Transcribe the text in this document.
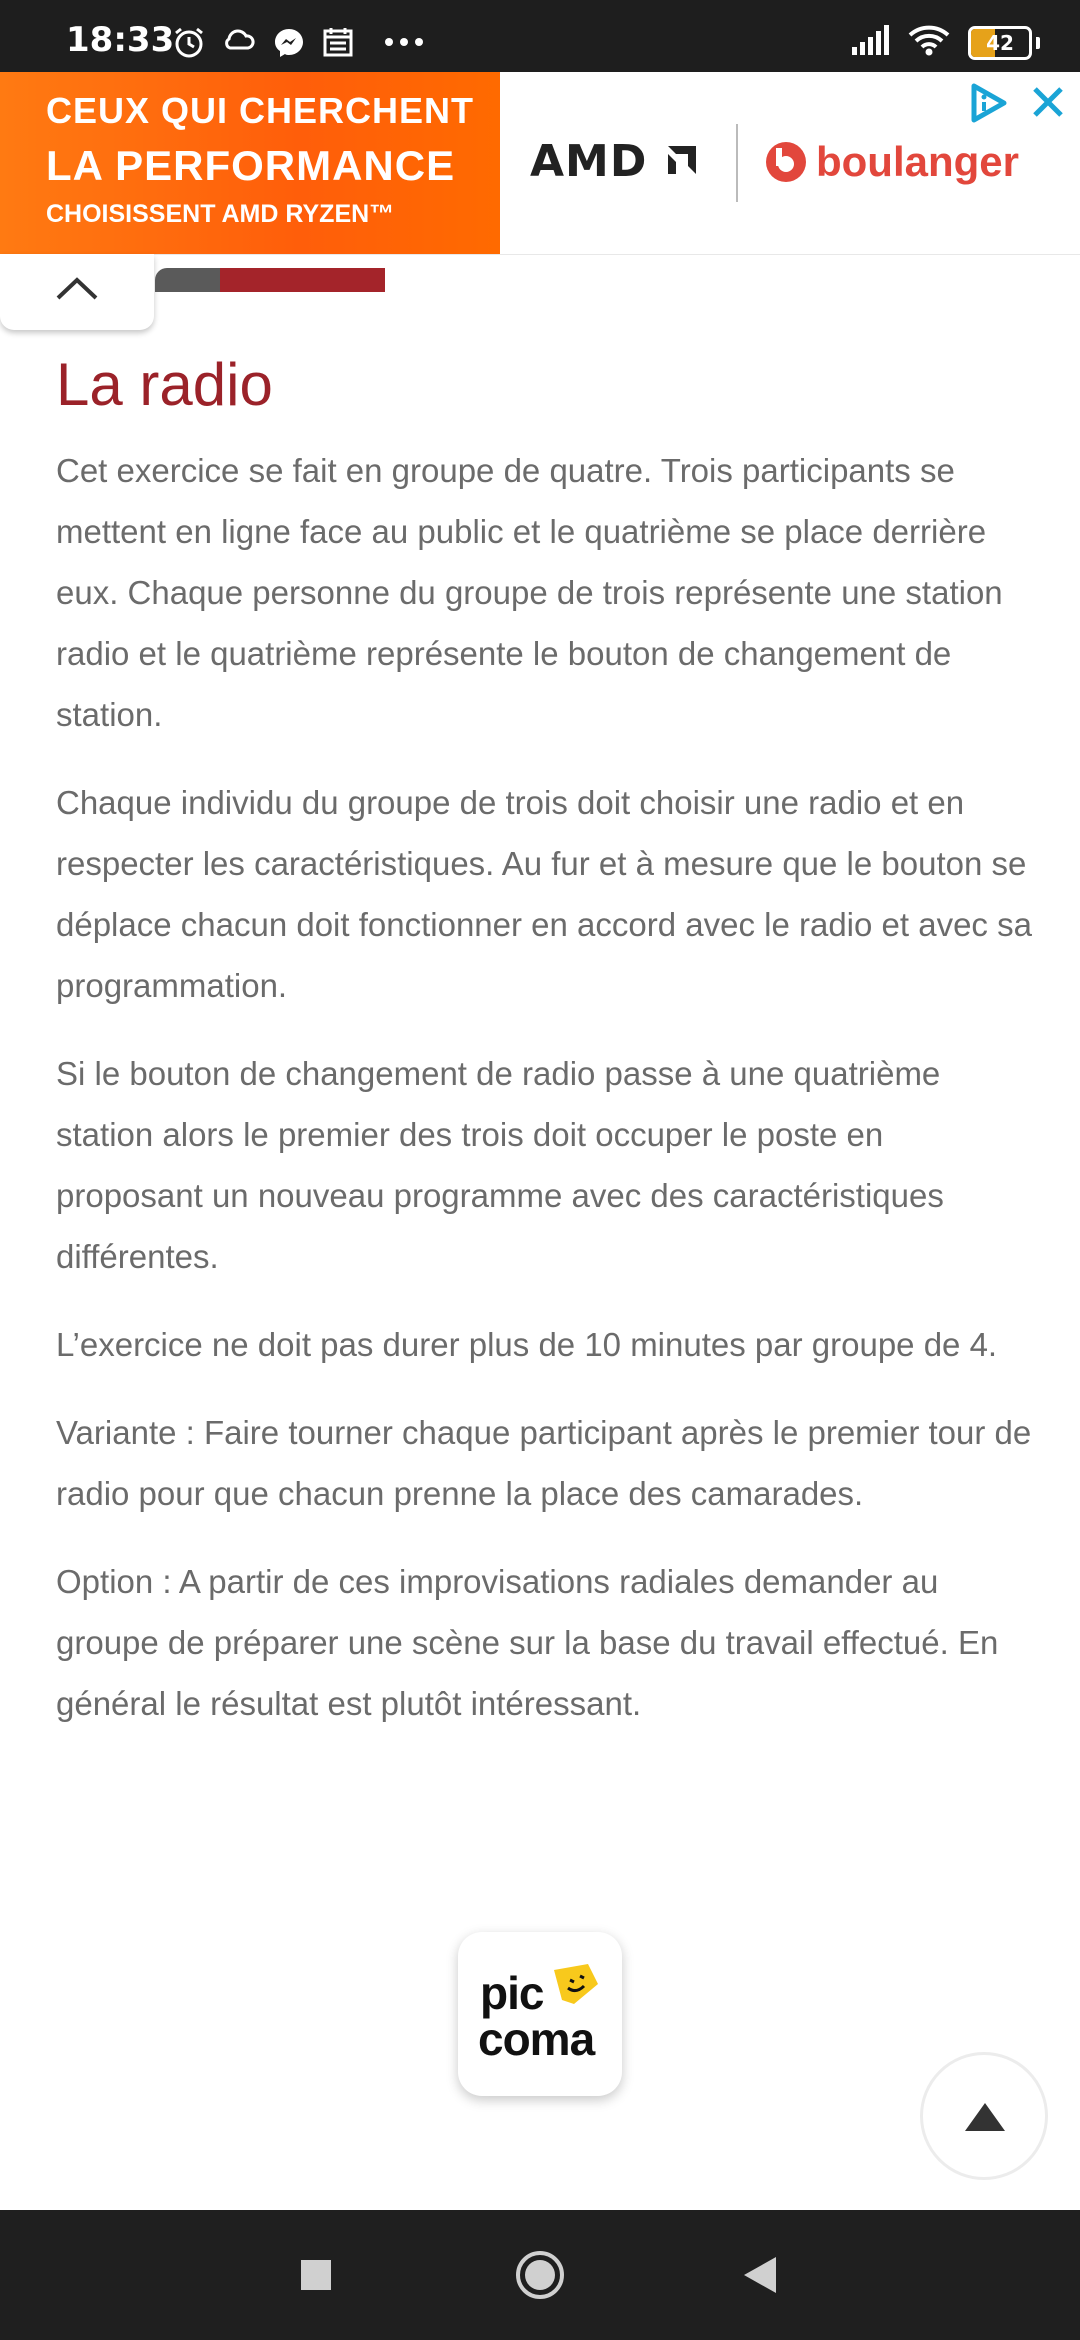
18:33	42
CEUX QUI CHERCHENT
LA PERFORMANCE
CHOISISSENT AMD RYZEN™
AMD	boulanger
La radio

Cet exercice se fait en groupe de quatre. Trois participants se mettent en ligne face au public et le quatrième se place derrière eux. Chaque personne du groupe de trois représente une station radio et le quatrième représente le bouton de changement de station.

Chaque individu du groupe de trois doit choisir une radio et en respecter les caractéristiques. Au fur et à mesure que le bouton se déplace chacun doit fonctionner en accord avec le radio et avec sa programmation.

Si le bouton de changement de radio passe à une quatrième station alors le premier des trois doit occuper le poste en proposant un nouveau programme avec des caractéristiques différentes.

L’exercice ne doit pas durer plus de 10 minutes par groupe de 4.

Variante : Faire tourner chaque participant après le premier tour de radio pour que chacun prenne la place des camarades.

Option : A partir de ces improvisations radiales demander au groupe de préparer une scène sur la base du travail effectué. En général le résultat est plutôt intéressant.

pic
coma
